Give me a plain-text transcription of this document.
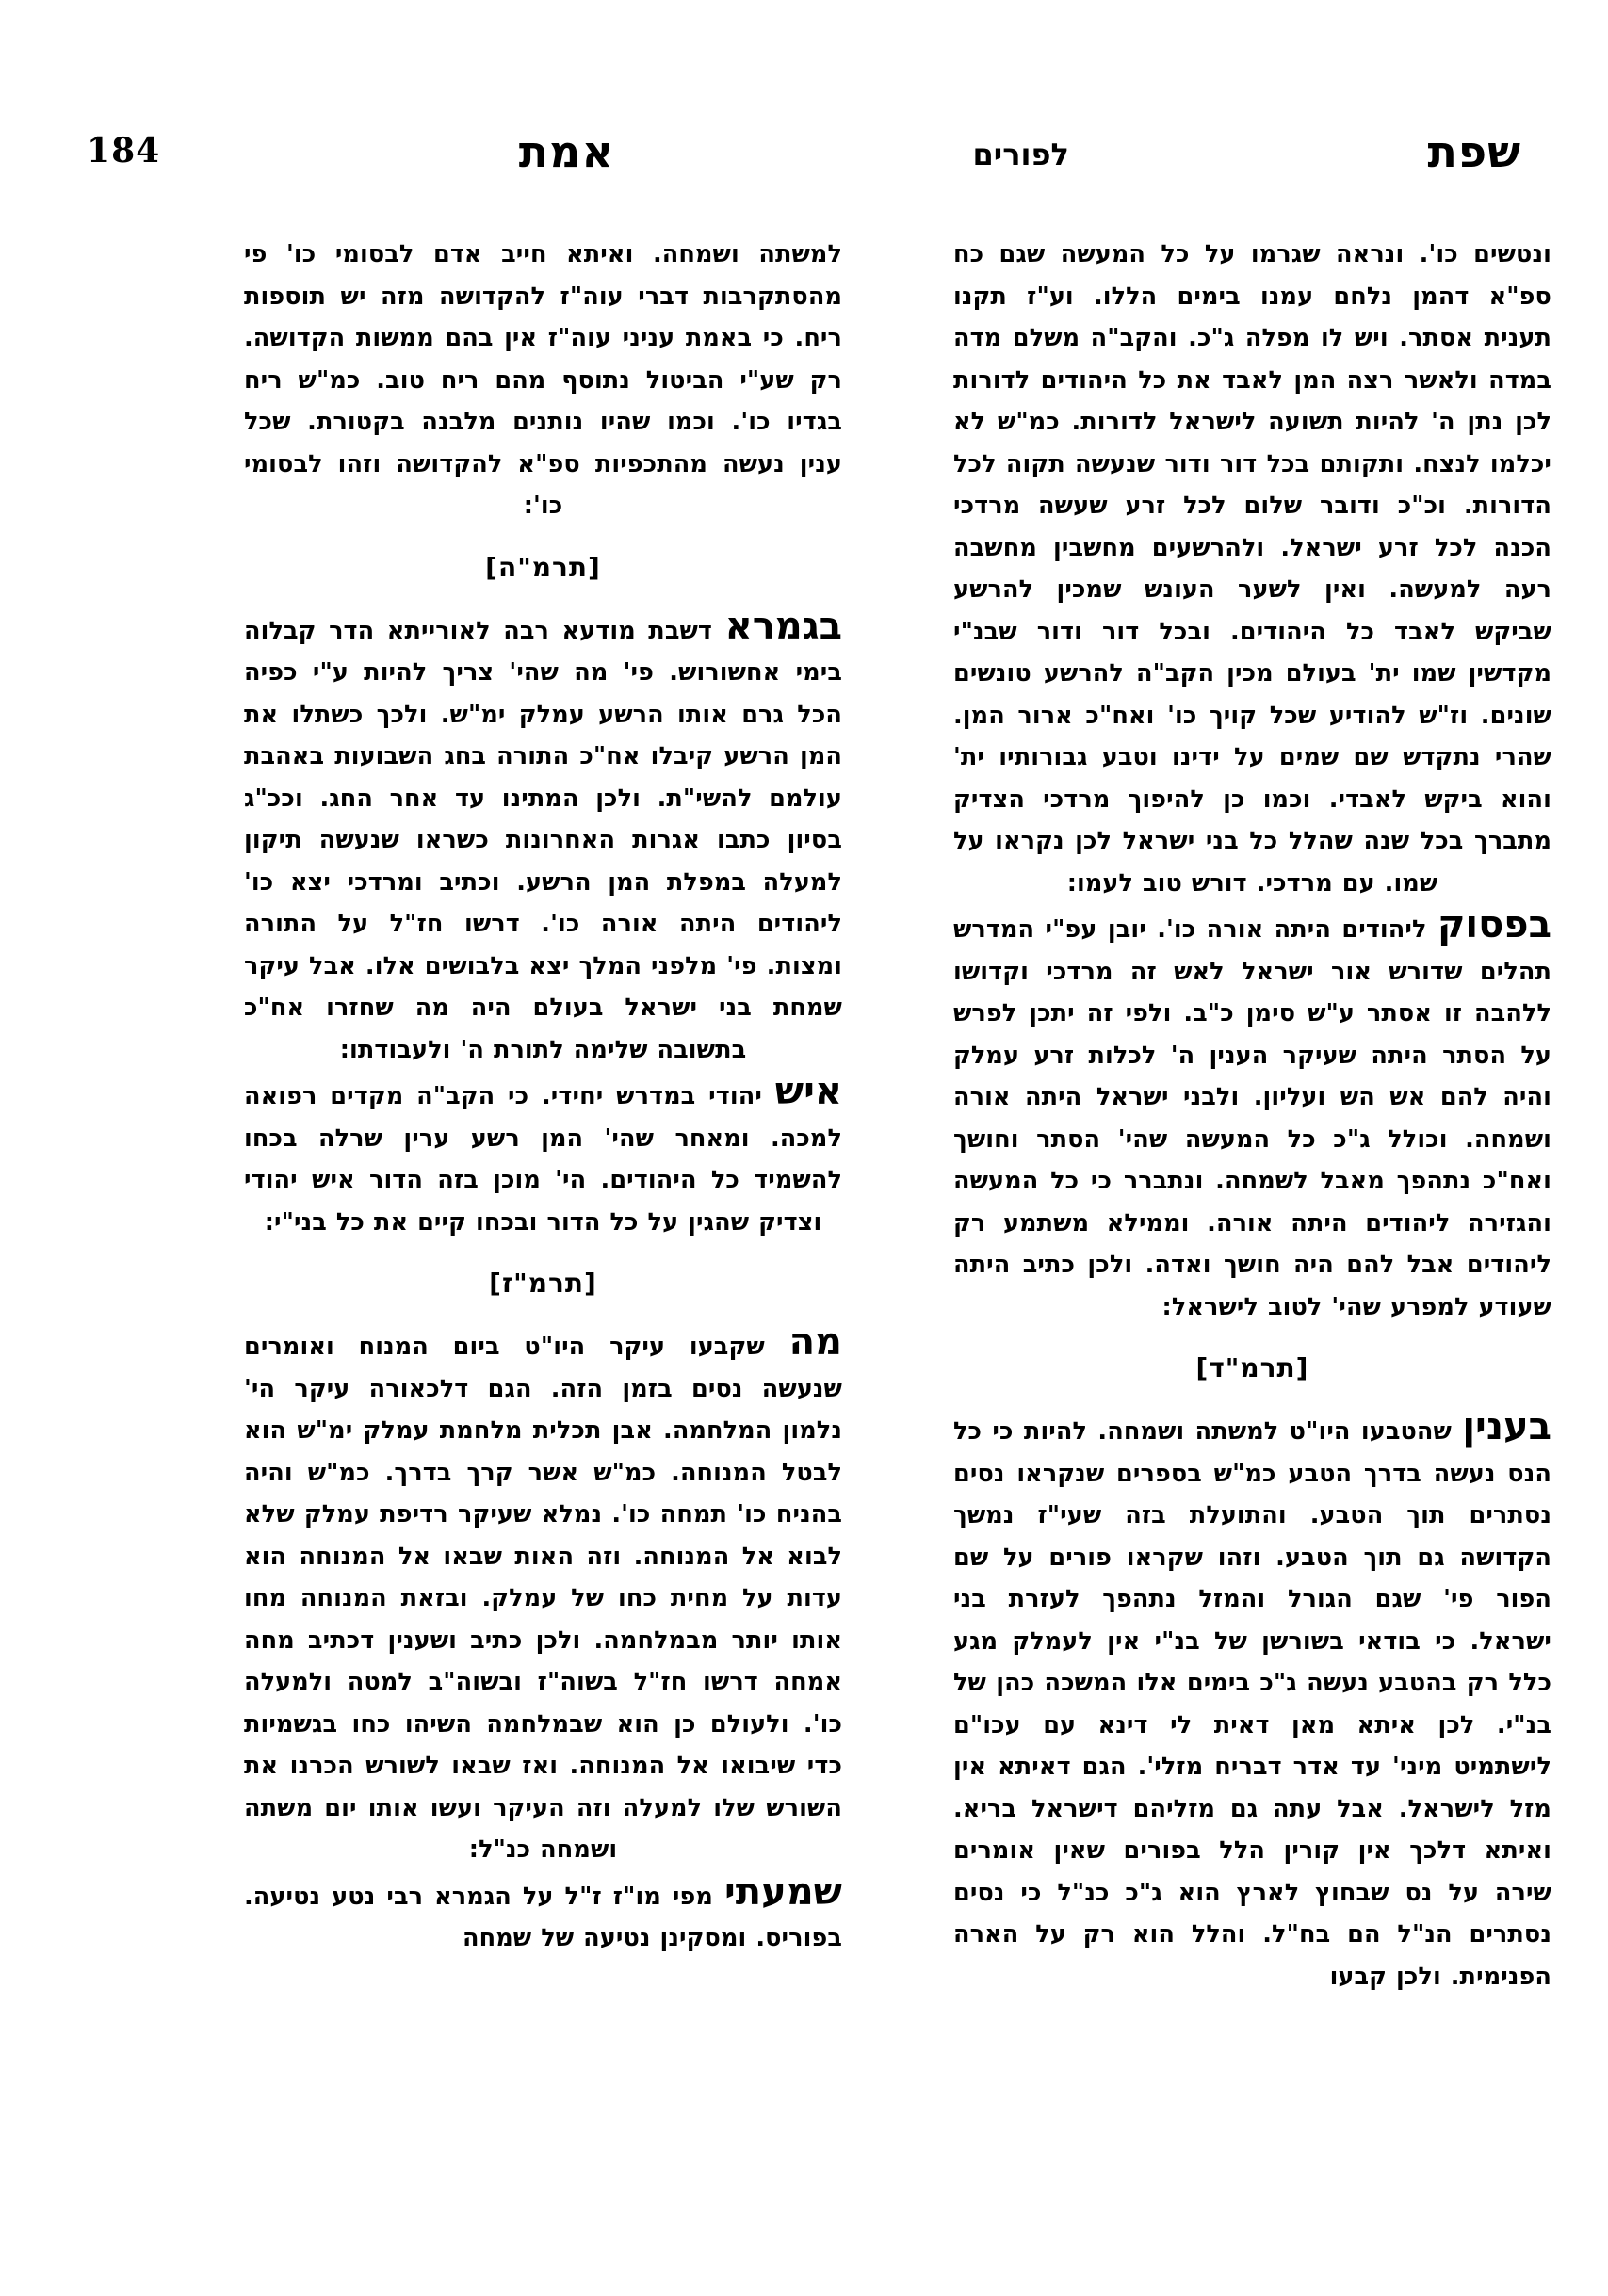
שפת
לפורים
אמת
184

ונטשים כו'. ונראה שגרמו על כל המעשה שגם כח ספ"א דהמן נלחם עמנו בימים הללו. וע"ז תקנו תענית אסתר. ויש לו מפלה ג"כ. והקב"ה משלם מדה במדה ולאשר רצה המן לאבד את כל היהודים לדורות לכן נתן ה' להיות תשועה לישראל לדורות. כמ"ש לא יכלמו לנצח. ותקותם בכל דור ודור שנעשה תקוה לכל הדורות. וכ"כ ודובר שלום לכל זרע שעשה מרדכי הכנה לכל זרע ישראל. ולהרשעים מחשבין מחשבה רעה למעשה. ואין לשער העונש שמכין להרשע שביקש לאבד כל היהודים. ובכל דור ודור שבנ"י מקדשין שמו ית' בעולם מכין הקב"ה להרשע טונשים שונים. וז"ש להודיע שכל קויך כו' ואח"כ ארור המן. שהרי נתקדש שם שמים על ידינו וטבע גבורותיו ית' והוא ביקש לאבדי. וכמו כן להיפוך מרדכי הצדיק מתברך בכל שנה שהלל כל בני ישראל לכן נקראו על שמו. עם מרדכי. דורש טוב לעמו:

בפסוק ליהודים היתה אורה כו'. יובן עפ"י המדרש תהלים שדורש אור ישראל לאש זה מרדכי וקדושו ללהבה זו אסתר ע"ש סימן כ"ב. ולפי זה יתכן לפרש על הסתר היתה שעיקר הענין ה' לכלות זרע עמלק והיה להם אש הש ועליון. ולבני ישראל היתה אורה ושמחה. וכולל ג"כ כל המעשה שהי' הסתר וחושך ואח"כ נתהפך מאבל לשמחה. ונתברר כי כל המעשה והגזירה ליהודים היתה אורה. וממילא משתמע רק ליהודים אבל להם היה חושך ואדה. ולכן כתיב היתה שעודע למפרע שהי' לטוב לישראל:

[תרמ"ד]

בענין שהטבעו היו"ט למשתה ושמחה. להיות כי כל הנס נעשה בדרך הטבע כמ"ש בספרים שנקראו נסים נסתרים תוך הטבע. והתועלת בזה שעי"ז נמשך הקדושה גם תוך הטבע. וזהו שקראו פורים על שם הפור פי' שגם הגורל והמזל נתהפך לעזרת בני ישראל. כי בודאי בשורשן של בנ"י אין לעמלק מגע כלל רק בהטבע נעשה ג"כ בימים אלו המשכה כהן של בנ"י. לכן איתא מאן דאית לי דינא עם עכו"ם לישתמיט מיני' עד אדר דבריח מזלי'. הגם דאיתא אין מזל לישראל. אבל עתה גם מזליהם דישראל בריא. ואיתא דלכך אין קורין הלל בפורים שאין אומרים שירה על נס שבחוץ לארץ הוא ג"כ כנ"ל כי נסים נסתרים הנ"ל הם בח"ל. והלל הוא רק על הארה הפנימית. ולכן קבעו

למשתה ושמחה. ואיתא חייב אדם לבסומי כו' פי מהסתקרבות דברי עוה"ז להקדושה מזה יש תוספות ריח. כי באמת עניני עוה"ז אין בהם ממשות הקדושה. רק שע"י הביטול נתוסף מהם ריח טוב. כמ"ש ריח בגדיו כו'. וכמו שהיו נותנים מלבנה בקטורת. שכל ענין נעשה מהתכפיות ספ"א להקדושה וזהו לבסומי כו':

[תרמ"ה]

בגמרא דשבת מודעא רבה לאורייתא הדר קבלוה בימי אחשורוש. פי' מה שהי' צריך להיות ע"י כפיה הכל גרם אותו הרשע עמלק ימ"ש. ולכך כשתלו את המן הרשע קיבלו אח"כ התורה בחג השבועות באהבת עולמם להשי"ת. ולכן המתינו עד אחר החג. וככ"ג בסיון כתבו אגרות האחרונות כשראו שנעשה תיקון למעלה במפלת המן הרשע. וכתיב ומרדכי יצא כו' ליהודים היתה אורה כו'. דרשו חז"ל על התורה ומצות. פי' מלפני המלך יצא בלבושים אלו. אבל עיקר שמחת בני ישראל בעולם היה מה שחזרו אח"כ בתשובה שלימה לתורת ה' ולעבודתו:

איש יהודי במדרש יחידי. כי הקב"ה מקדים רפואה למכה. ומאחר שהי' המן רשע ערין שרלה בכחו להשמיד כל היהודים. הי' מוכן בזה הדור איש יהודי וצדיק שהגין על כל הדור ובכחו קיים את כל בני"י:

[תרמ"ז]

מה שקבעו עיקר היו"ט ביום המנוח ואומרים שנעשה נסים בזמן הזה. הגם דלכאורה עיקר הי' נלמון המלחמה. אבן תכלית מלחמת עמלק ימ"ש הוא לבטל המנוחה. כמ"ש אשר קרך בדרך. כמ"ש והיה בהניח כו' תמחה כו'. נמלא שעיקר רדיפת עמלק שלא לבוא אל המנוחה. וזה האות שבאו אל המנוחה הוא עדות על מחית כחו של עמלק. ובזאת המנוחה מחו אותו יותר מבמלחמה. ולכן כתיב ושענין דכתיב מחה אמחה דרשו חז"ל בשוה"ז ובשוה"ב למטה ולמעלה כו'. ולעולם כן הוא שבמלחמה השיהו כחו בגשמיות כדי שיבואו אל המנוחה. ואז שבאו לשורש הכרנו את השורש שלו למעלה וזה העיקר ועשו אותו יום משתה ושמחה כנ"ל:

שמעתי מפי מו"ז ז"ל על הגמרא רבי נטע נטיעה. בפוריס. ומסקינן נטיעה של שמחה
